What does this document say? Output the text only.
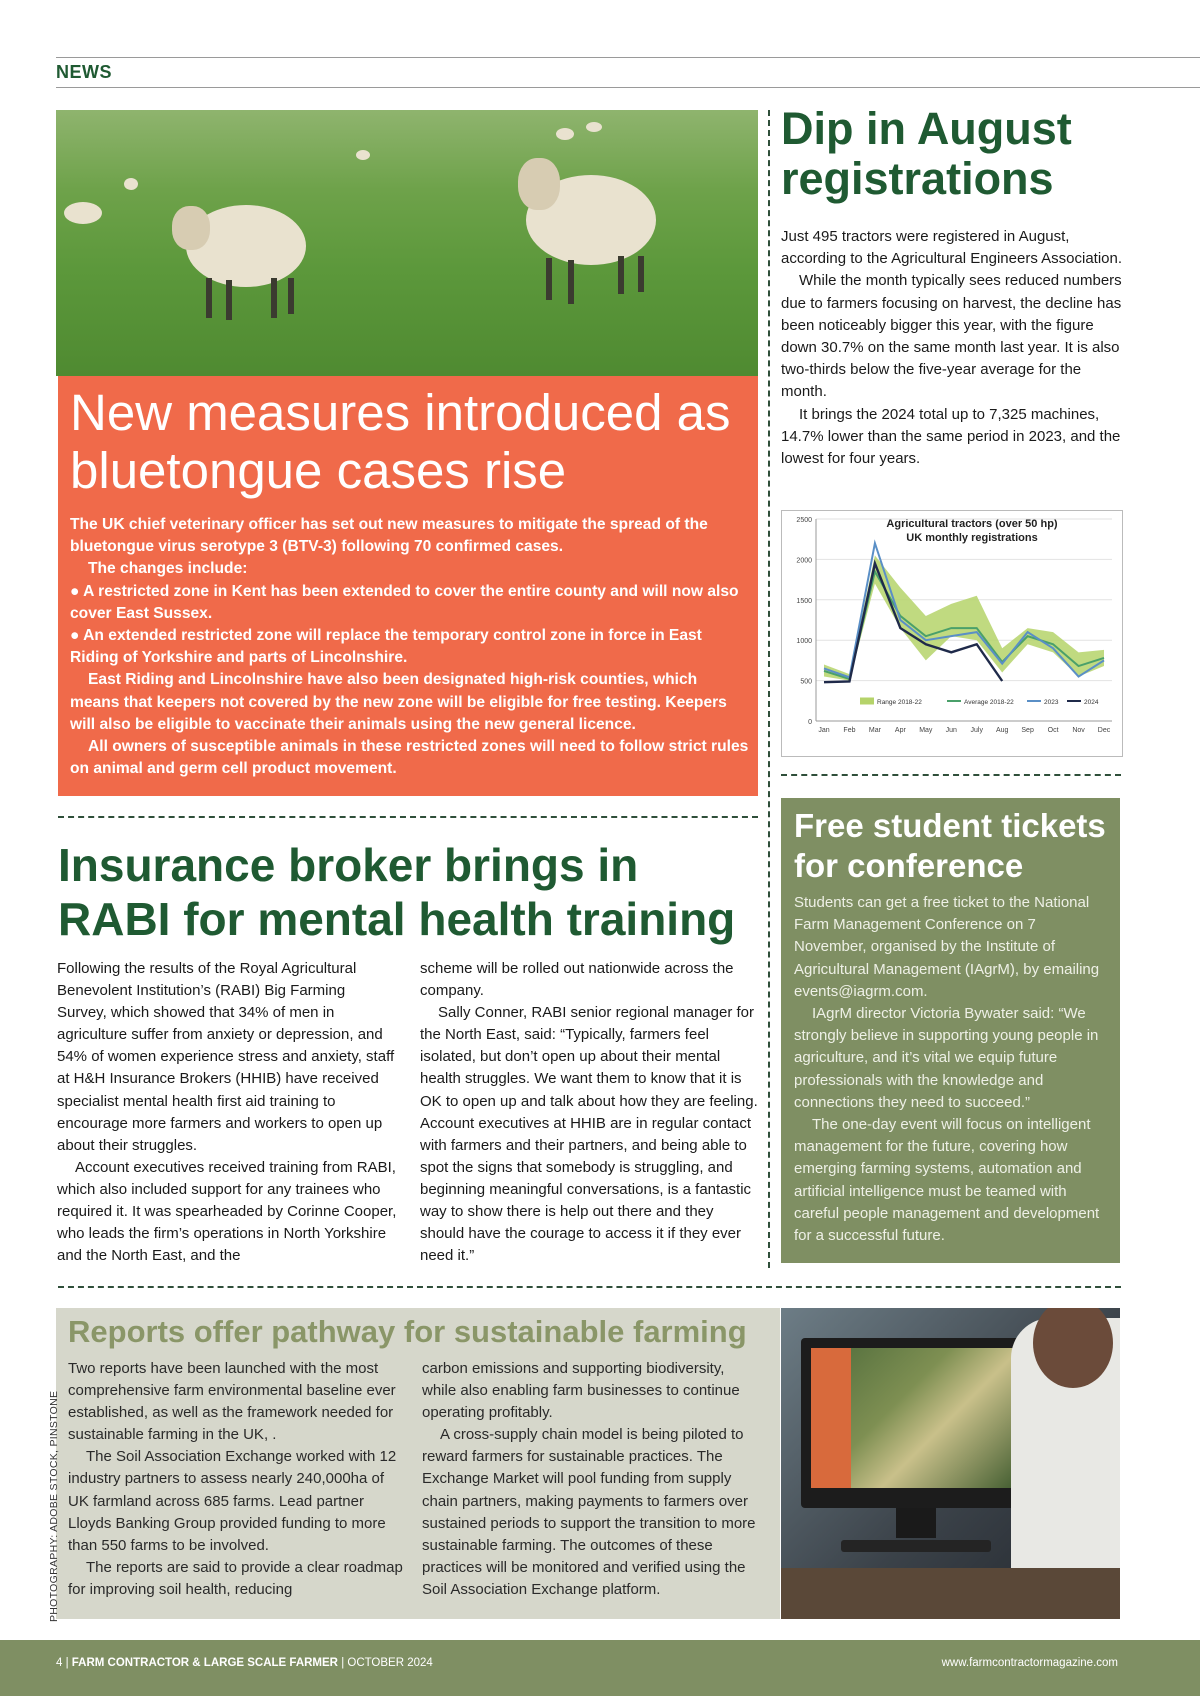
NEWS
New measures introduced as bluetongue cases rise

The UK chief veterinary officer has set out new measures to mitigate the spread of the bluetongue virus serotype 3 (BTV-3) following 70 confirmed cases.

The changes include:

● A restricted zone in Kent has been extended to cover the entire county and will now also cover East Sussex.

● An extended restricted zone will replace the temporary control zone in force in East Riding of Yorkshire and parts of Lincolnshire.

East Riding and Lincolnshire have also been designated high-risk counties, which means that keepers not covered by the new zone will be eligible for free testing. Keepers will also be eligible to vaccinate their animals using the new general licence.

All owners of susceptible animals in these restricted zones will need to follow strict rules on animal and germ cell product movement.

Dip in August registrations

Just 495 tractors were registered in August, according to the Agricultural Engineers Association.

While the month typically sees reduced numbers due to farmers focusing on harvest, the decline has been noticeably bigger this year, with the figure down 30.7% on the same month last year. It is also two-thirds below the five-year average for the month.

It brings the 2024 total up to 7,325 machines, 14.7% lower than the same period in 2023, and the lowest for four years.

Agricultural tractors (over 50 hp)
UK monthly registrations
Jan Feb Mar Apr May Jun July Aug Sep Oct Nov Dec
0
500
1000
1500
2000
2500
Range 2018-22	Average 2018-22	2023	2024
Insurance broker brings in RABI for mental health training

Following the results of the Royal Agricultural Benevolent Institution’s (RABI) Big Farming Survey, which showed that 34% of men in agriculture suffer from anxiety or depression, and 54% of women experience stress and anxiety, staff at H&H Insurance Brokers (HHIB) have received specialist mental health first aid training to encourage more farmers and workers to open up about their struggles.

Account executives received training from RABI, which also included support for any trainees who required it. It was spearheaded by Corinne Cooper, who leads the firm’s operations in North Yorkshire and the North East, and the

scheme will be rolled out nationwide across the company.

Sally Conner, RABI senior regional manager for the North East, said: “Typically, farmers feel isolated, but don’t open up about their mental health struggles. We want them to know that it is OK to open up and talk about how they are feeling. Account executives at HHIB are in regular contact with farmers and their partners, and being able to spot the signs that somebody is struggling, and beginning meaningful conversations, is a fantastic way to show there is help out there and they should have the courage to access it if they ever need it.”

Free student tickets for conference

Students can get a free ticket to the National Farm Management Conference on 7 November, organised by the Institute of Agricultural Management (IAgrM), by emailing events@iagrm.com.

IAgrM director Victoria Bywater said: “We strongly believe in supporting young people in agriculture, and it’s vital we equip future professionals with the knowledge and connections they need to succeed.”

The one-day event will focus on intelligent management for the future, covering how emerging farming systems, automation and artificial intelligence must be teamed with careful people management and development for a successful future.

Reports offer pathway for sustainable farming

Two reports have been launched with the most comprehensive farm environmental baseline ever established, as well as the framework needed for sustainable farming in the UK, .

The Soil Association Exchange worked with 12 industry partners to assess nearly 240,000ha of UK farmland across 685 farms. Lead partner Lloyds Banking Group provided funding to more than 550 farms to be involved.

The reports are said to provide a clear roadmap for improving soil health, reducing

carbon emissions and supporting biodiversity, while also enabling farm businesses to continue operating profitably.

A cross-supply chain model is being piloted to reward farmers for sustainable practices. The Exchange Market will pool funding from supply chain partners, making payments to farmers over sustained periods to support the transition to more sustainable farming. The outcomes of these practices will be monitored and verified using the Soil Association Exchange platform.

PHOTOGRAPHY: ADOBE STOCK, PINSTONE
4 | FARM CONTRACTOR & LARGE SCALE FARMER | OCTOBER 2024	www.farmcontractormagazine.com
